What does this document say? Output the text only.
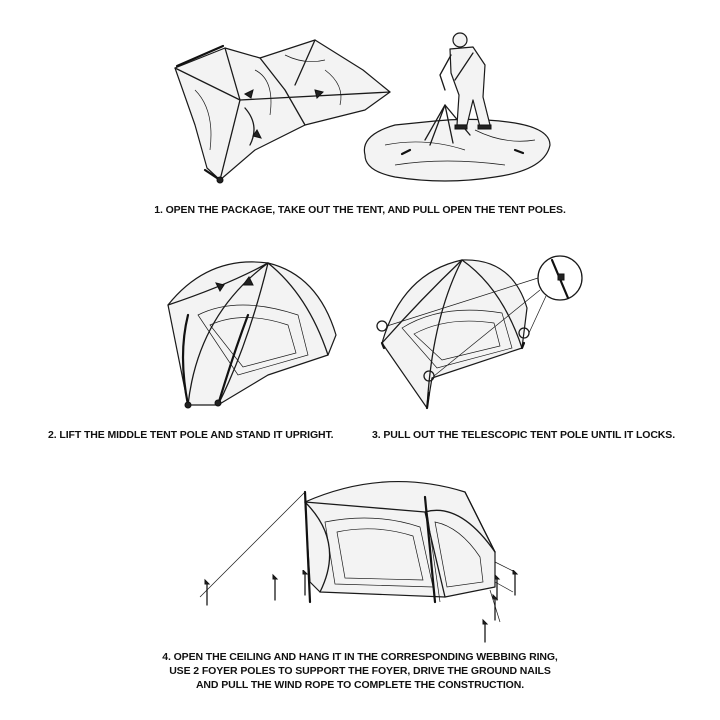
1. OPEN THE PACKAGE, TAKE OUT THE TENT, AND PULL OPEN THE TENT POLES.
2. LIFT THE MIDDLE TENT POLE AND STAND IT UPRIGHT.	3. PULL OUT THE TELESCOPIC TENT POLE UNTIL IT LOCKS.
4. OPEN THE CEILING AND HANG IT IN THE CORRESPONDING WEBBING RING,
USE 2 FOYER POLES TO SUPPORT THE FOYER, DRIVE THE GROUND NAILS
AND PULL THE WIND ROPE TO COMPLETE THE CONSTRUCTION.
